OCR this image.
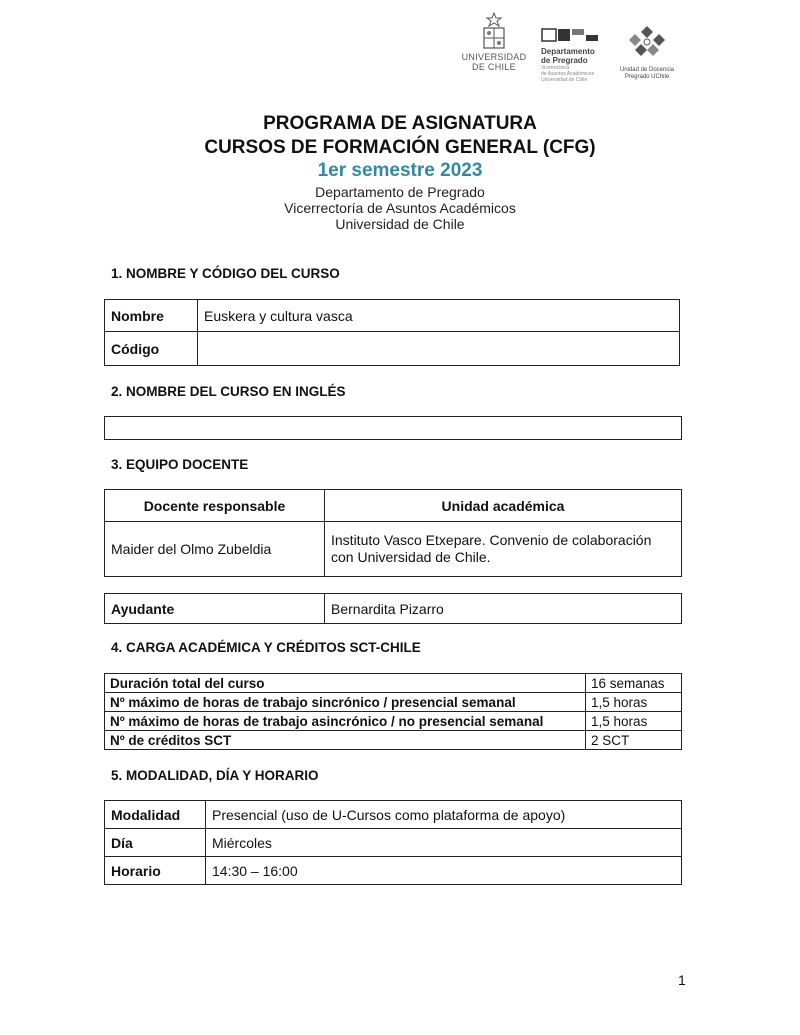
UNIVERSIDAD
DE CHILE
Departamento
de Pregrado
Vicerrectoría
de Asuntos Académicos
Universidad de Chile
Unidad de Docencia
Pregrado UChile
PROGRAMA DE ASIGNATURA
CURSOS DE FORMACIÓN GENERAL (CFG)
1er semestre 2023
Departamento de Pregrado
Vicerrectoría de Asuntos Académicos
Universidad de Chile
1. NOMBRE Y CÓDIGO DEL CURSO
Nombre	Euskera y cultura vasca
Código	
2. NOMBRE DEL CURSO EN INGLÉS
3. EQUIPO DOCENTE
Docente responsable	Unidad académica
Maider del Olmo Zubeldia	Instituto Vasco Etxepare. Convenio de colaboración con Universidad de Chile.
Ayudante	Bernardita Pizarro
4. CARGA ACADÉMICA Y CRÉDITOS SCT-CHILE
Duración total del curso	16 semanas
Nº máximo de horas de trabajo sincrónico / presencial semanal	1,5 horas
Nº máximo de horas de trabajo asincrónico / no presencial semanal	1,5 horas
Nº de créditos SCT	2 SCT
5. MODALIDAD, DÍA Y HORARIO
Modalidad	Presencial (uso de U-Cursos como plataforma de apoyo)
Día	Miércoles
Horario	14:30 – 16:00
1
